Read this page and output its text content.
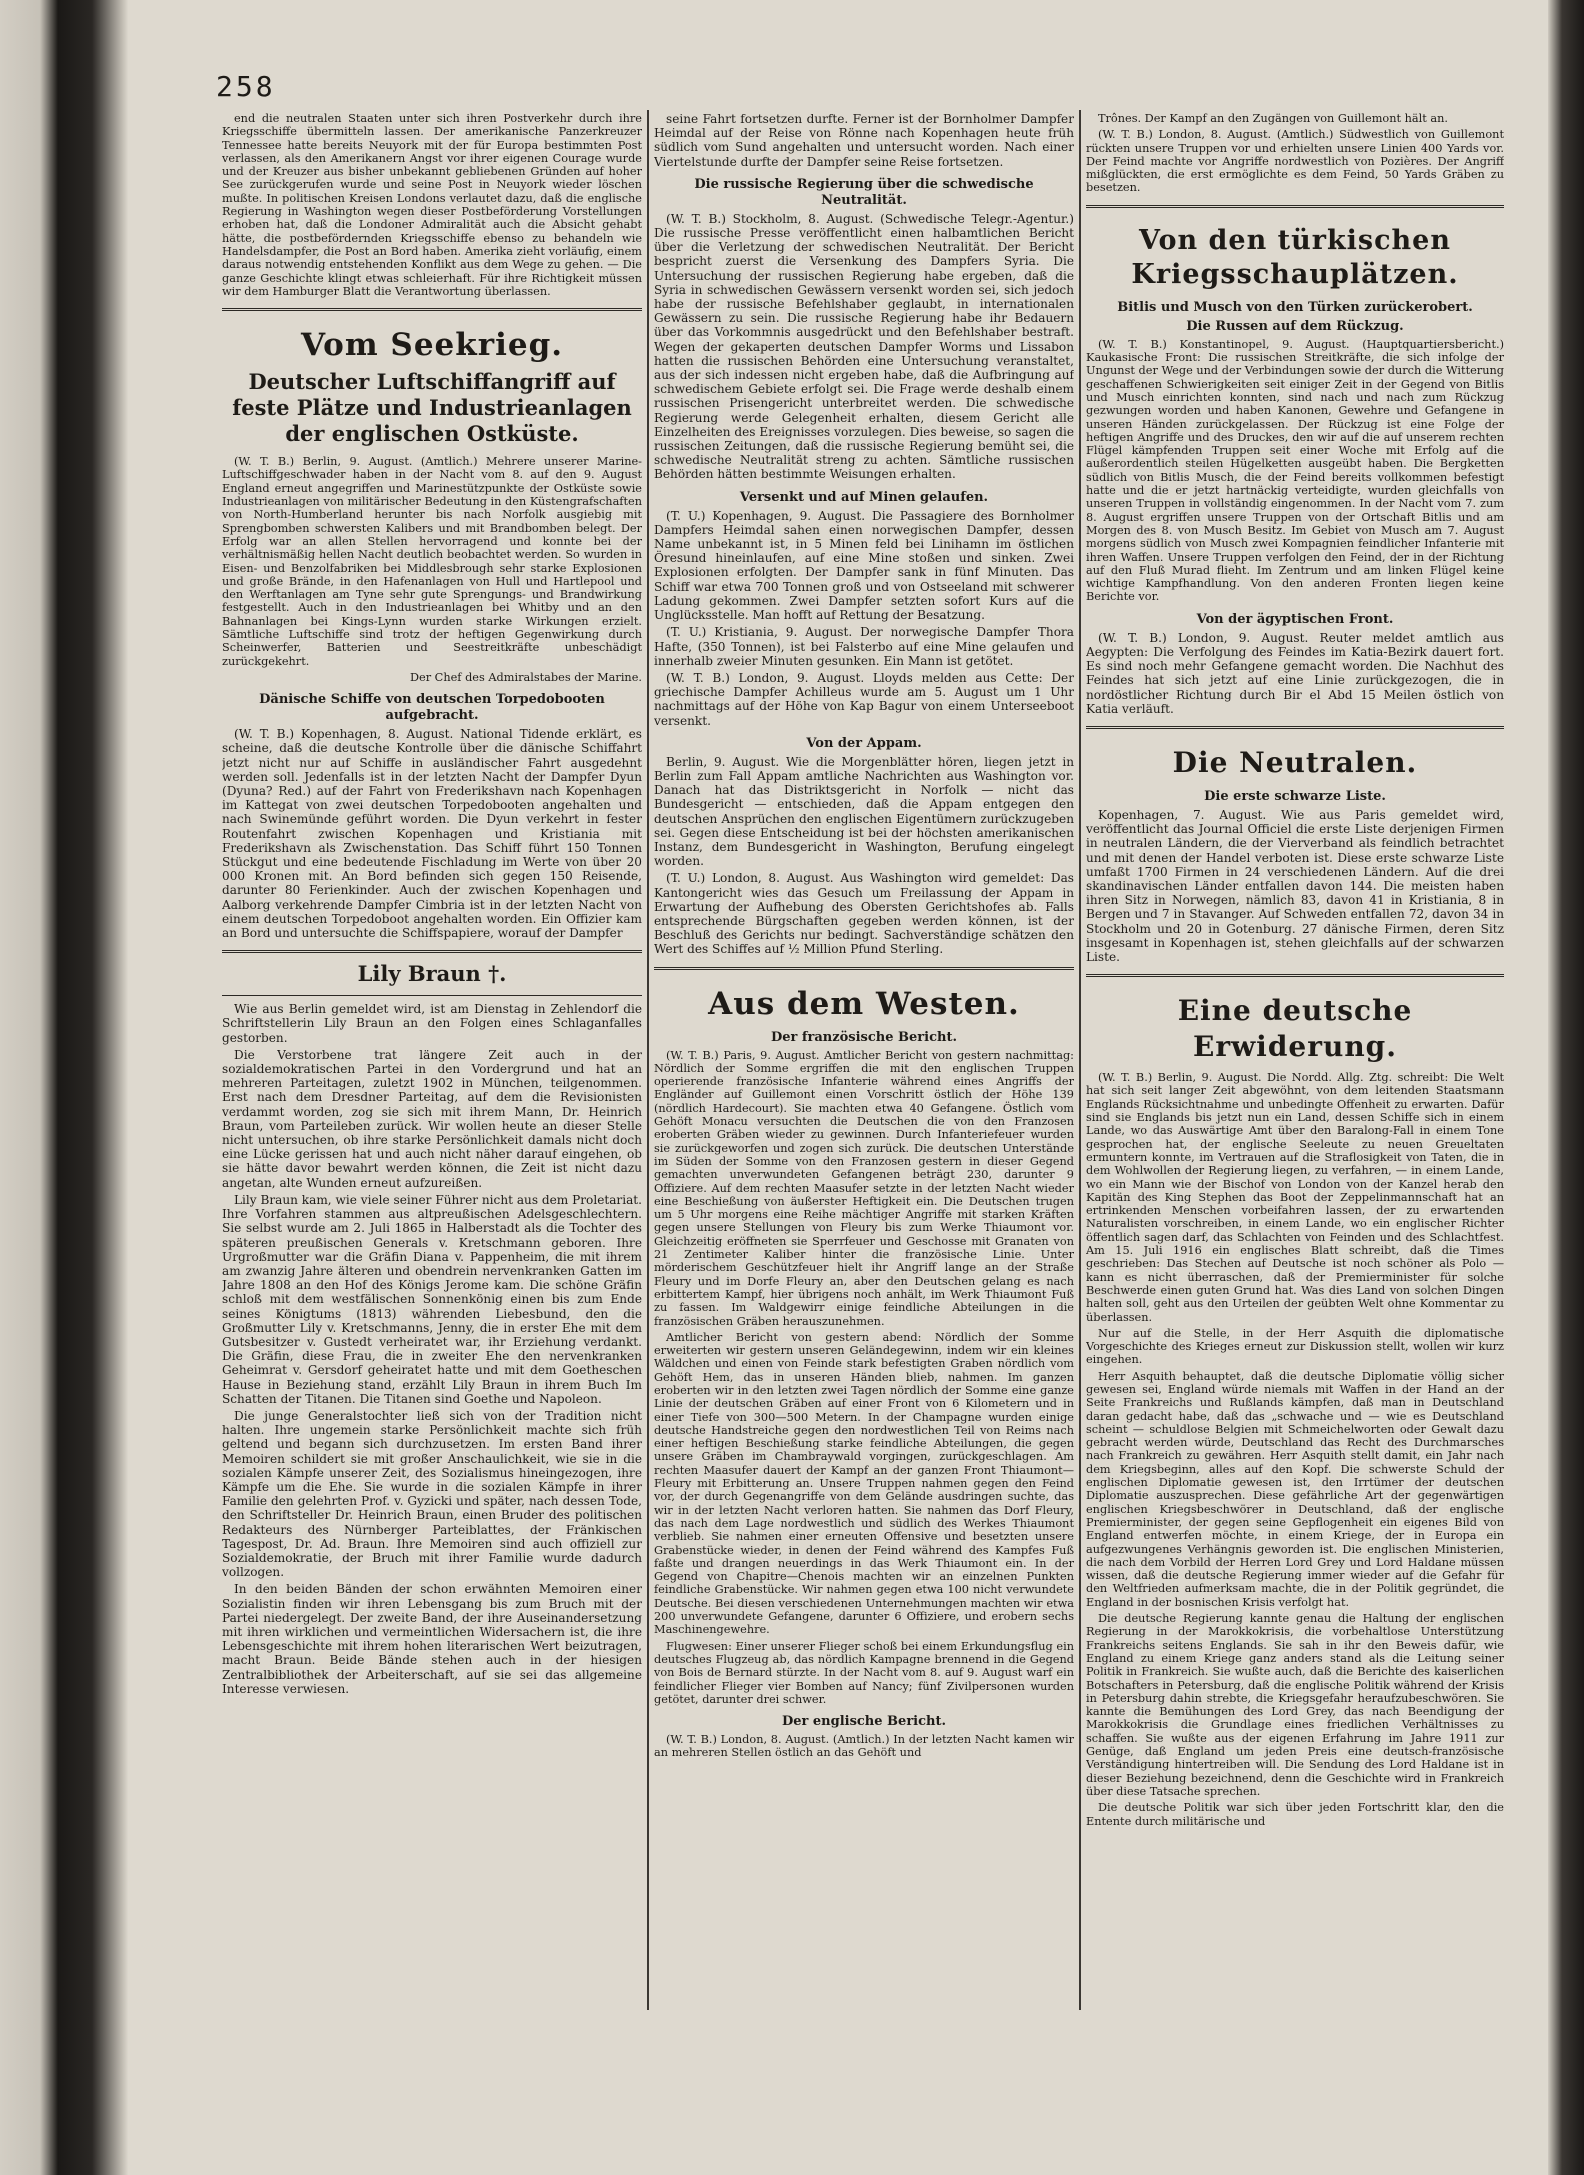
258

end die neutralen Staaten unter sich ihren Postverkehr durch ihre Kriegsschiffe übermitteln lassen. Der amerikanische Panzerkreuzer Tennessee hatte bereits Neuyork mit der für Europa bestimmten Post verlassen, als den Amerikanern Angst vor ihrer eigenen Courage wurde und der Kreuzer aus bisher unbekannt gebliebenen Gründen auf hoher See zurückgerufen wurde und seine Post in Neuyork wieder löschen mußte. In politischen Kreisen Londons verlautet dazu, daß die englische Regierung in Washington wegen dieser Postbeförderung Vorstellungen erhoben hat, daß die Londoner Admiralität auch die Absicht gehabt hätte, die postbefördernden Kriegsschiffe ebenso zu behandeln wie Handelsdampfer, die Post an Bord haben. Amerika zieht vorläufig, einem daraus notwendig entstehenden Konflikt aus dem Wege zu gehen. — Die ganze Geschichte klingt etwas schleierhaft. Für ihre Richtigkeit müssen wir dem Hamburger Blatt die Verantwortung überlassen.

Vom Seekrieg.
Deutscher Luftschiffangriff auf feste Plätze und Industrieanlagen der englischen Ostküste.

(W. T. B.) Berlin, 9. August. (Amtlich.) Mehrere unserer Marine-Luftschiffgeschwader haben in der Nacht vom 8. auf den 9. August England erneut angegriffen und Marinestützpunkte der Ostküste sowie Industrieanlagen von militärischer Bedeutung in den Küstengrafschaften von North-Humberland herunter bis nach Norfolk ausgiebig mit Sprengbomben schwersten Kalibers und mit Brandbomben belegt. Der Erfolg war an allen Stellen hervorragend und konnte bei der verhältnismäßig hellen Nacht deutlich beobachtet werden. So wurden in Eisen- und Benzolfabriken bei Middlesbrough sehr starke Explosionen und große Brände, in den Hafenanlagen von Hull und Hartlepool und den Werftanlagen am Tyne sehr gute Sprengungs- und Brandwirkung festgestellt. Auch in den Industrieanlagen bei Whitby und an den Bahnanlagen bei Kings-Lynn wurden starke Wirkungen erzielt. Sämtliche Luftschiffe sind trotz der heftigen Gegenwirkung durch Scheinwerfer, Batterien und Seestreitkräfte unbeschädigt zurückgekehrt.

Der Chef des Admiralstabes der Marine.

Dänische Schiffe von deutschen Torpedobooten aufgebracht.

(W. T. B.) Kopenhagen, 8. August. National Tidende erklärt, es scheine, daß die deutsche Kontrolle über die dänische Schiffahrt jetzt nicht nur auf Schiffe in ausländischer Fahrt ausgedehnt werden soll. Jedenfalls ist in der letzten Nacht der Dampfer Dyun (Dyuna? Red.) auf der Fahrt von Frederikshavn nach Kopenhagen im Kattegat von zwei deutschen Torpedobooten angehalten und nach Swinemünde geführt worden. Die Dyun verkehrt in fester Routenfahrt zwischen Kopenhagen und Kristiania mit Frederikshavn als Zwischenstation. Das Schiff führt 150 Tonnen Stückgut und eine bedeutende Fischladung im Werte von über 20 000 Kronen mit. An Bord befinden sich gegen 150 Reisende, darunter 80 Ferienkinder. Auch der zwischen Kopenhagen und Aalborg verkehrende Dampfer Cimbria ist in der letzten Nacht von einem deutschen Torpedoboot angehalten worden. Ein Offizier kam an Bord und untersuchte die Schiffspapiere, worauf der Dampfer

Lily Braun †.

Wie aus Berlin gemeldet wird, ist am Dienstag in Zehlendorf die Schriftstellerin Lily Braun an den Folgen eines Schlaganfalles gestorben.

Die Verstorbene trat längere Zeit auch in der sozialdemokratischen Partei in den Vordergrund und hat an mehreren Parteitagen, zuletzt 1902 in München, teilgenommen. Erst nach dem Dresdner Parteitag, auf dem die Revisionisten verdammt worden, zog sie sich mit ihrem Mann, Dr. Heinrich Braun, vom Parteileben zurück. Wir wollen heute an dieser Stelle nicht untersuchen, ob ihre starke Persönlichkeit damals nicht doch eine Lücke gerissen hat und auch nicht näher darauf eingehen, ob sie hätte davor bewahrt werden können, die Zeit ist nicht dazu angetan, alte Wunden erneut aufzureißen.

Lily Braun kam, wie viele seiner Führer nicht aus dem Proletariat. Ihre Vorfahren stammen aus altpreußischen Adelsgeschlechtern. Sie selbst wurde am 2. Juli 1865 in Halberstadt als die Tochter des späteren preußischen Generals v. Kretschmann geboren. Ihre Urgroßmutter war die Gräfin Diana v. Pappenheim, die mit ihrem am zwanzig Jahre älteren und obendrein nervenkranken Gatten im Jahre 1808 an den Hof des Königs Jerome kam. Die schöne Gräfin schloß mit dem westfälischen Sonnenkönig einen bis zum Ende seines Königtums (1813) währenden Liebesbund, den die Großmutter Lily v. Kretschmanns, Jenny, die in erster Ehe mit dem Gutsbesitzer v. Gustedt verheiratet war, ihr Erziehung verdankt. Die Gräfin, diese Frau, die in zweiter Ehe den nervenkranken Geheimrat v. Gersdorf geheiratet hatte und mit dem Goetheschen Hause in Beziehung stand, erzählt Lily Braun in ihrem Buch Im Schatten der Titanen. Die Titanen sind Goethe und Napoleon.

Die junge Generalstochter ließ sich von der Tradition nicht halten. Ihre ungemein starke Persönlichkeit machte sich früh geltend und begann sich durchzusetzen. Im ersten Band ihrer Memoiren schildert sie mit großer Anschaulichkeit, wie sie in die sozialen Kämpfe unserer Zeit, des Sozialismus hineingezogen, ihre Kämpfe um die Ehe. Sie wurde in die sozialen Kämpfe in ihrer Familie den gelehrten Prof. v. Gyzicki und später, nach dessen Tode, den Schriftsteller Dr. Heinrich Braun, einen Bruder des politischen Redakteurs des Nürnberger Parteiblattes, der Fränkischen Tagespost, Dr. Ad. Braun. Ihre Memoiren sind auch offiziell zur Sozialdemokratie, der Bruch mit ihrer Familie wurde dadurch vollzogen.

In den beiden Bänden der schon erwähnten Memoiren einer Sozialistin finden wir ihren Lebensgang bis zum Bruch mit der Partei niedergelegt. Der zweite Band, der ihre Auseinandersetzung mit ihren wirklichen und vermeintlichen Widersachern ist, die ihre Lebensgeschichte mit ihrem hohen literarischen Wert beizutragen, macht Braun. Beide Bände stehen auch in der hiesigen Zentralbibliothek der Arbeiterschaft, auf sie sei das allgemeine Interesse verwiesen.

seine Fahrt fortsetzen durfte. Ferner ist der Bornholmer Dampfer Heimdal auf der Reise von Rönne nach Kopenhagen heute früh südlich vom Sund angehalten und untersucht worden. Nach einer Viertelstunde durfte der Dampfer seine Reise fortsetzen.

Die russische Regierung über die schwedische Neutralität.

(W. T. B.) Stockholm, 8. August. (Schwedische Telegr.-Agentur.) Die russische Presse veröffentlicht einen halbamtlichen Bericht über die Verletzung der schwedischen Neutralität. Der Bericht bespricht zuerst die Versenkung des Dampfers Syria. Die Untersuchung der russischen Regierung habe ergeben, daß die Syria in schwedischen Gewässern versenkt worden sei, sich jedoch habe der russische Befehlshaber geglaubt, in internationalen Gewässern zu sein. Die russische Regierung habe ihr Bedauern über das Vorkommnis ausgedrückt und den Befehlshaber bestraft. Wegen der gekaperten deutschen Dampfer Worms und Lissabon hatten die russischen Behörden eine Untersuchung veranstaltet, aus der sich indessen nicht ergeben habe, daß die Aufbringung auf schwedischem Gebiete erfolgt sei. Die Frage werde deshalb einem russischen Prisengericht unterbreitet werden. Die schwedische Regierung werde Gelegenheit erhalten, diesem Gericht alle Einzelheiten des Ereignisses vorzulegen. Dies beweise, so sagen die russischen Zeitungen, daß die russische Regierung bemüht sei, die schwedische Neutralität streng zu achten. Sämtliche russischen Behörden hätten bestimmte Weisungen erhalten.

Versenkt und auf Minen gelaufen.

(T. U.) Kopenhagen, 9. August. Die Passagiere des Bornholmer Dampfers Heimdal sahen einen norwegischen Dampfer, dessen Name unbekannt ist, in 5 Minen feld bei Linihamn im östlichen Öresund hineinlaufen, auf eine Mine stoßen und sinken. Zwei Explosionen erfolgten. Der Dampfer sank in fünf Minuten. Das Schiff war etwa 700 Tonnen groß und von Ostseeland mit schwerer Ladung gekommen. Zwei Dampfer setzten sofort Kurs auf die Unglücksstelle. Man hofft auf Rettung der Besatzung.

(T. U.) Kristiania, 9. August. Der norwegische Dampfer Thora Hafte, (350 Tonnen), ist bei Falsterbo auf eine Mine gelaufen und innerhalb zweier Minuten gesunken. Ein Mann ist getötet.

(W. T. B.) London, 9. August. Lloyds melden aus Cette: Der griechische Dampfer Achilleus wurde am 5. August um 1 Uhr nachmittags auf der Höhe von Kap Bagur von einem Unterseeboot versenkt.

Von der Appam.

Berlin, 9. August. Wie die Morgenblätter hören, liegen jetzt in Berlin zum Fall Appam amtliche Nachrichten aus Washington vor. Danach hat das Distriktsgericht in Norfolk — nicht das Bundesgericht — entschieden, daß die Appam entgegen den deutschen Ansprüchen den englischen Eigentümern zurückzugeben sei. Gegen diese Entscheidung ist bei der höchsten amerikanischen Instanz, dem Bundesgericht in Washington, Berufung eingelegt worden.

(T. U.) London, 8. August. Aus Washington wird gemeldet: Das Kantongericht wies das Gesuch um Freilassung der Appam in Erwartung der Aufhebung des Obersten Gerichtshofes ab. Falls entsprechende Bürgschaften gegeben werden können, ist der Beschluß des Gerichts nur bedingt. Sachverständige schätzen den Wert des Schiffes auf ½ Million Pfund Sterling.

Aus dem Westen.
Der französische Bericht.

(W. T. B.) Paris, 9. August. Amtlicher Bericht von gestern nachmittag: Nördlich der Somme ergriffen die mit den englischen Truppen operierende französische Infanterie während eines Angriffs der Engländer auf Guillemont einen Vorschritt östlich der Höhe 139 (nördlich Hardecourt). Sie machten etwa 40 Gefangene. Östlich vom Gehöft Monacu versuchten die Deutschen die von den Franzosen eroberten Gräben wieder zu gewinnen. Durch Infanteriefeuer wurden sie zurückgeworfen und zogen sich zurück. Die deutschen Unterstände im Süden der Somme von den Franzosen gestern in dieser Gegend gemachten unverwundeten Gefangenen beträgt 230, darunter 9 Offiziere. Auf dem rechten Maasufer setzte in der letzten Nacht wieder eine Beschießung von äußerster Heftigkeit ein. Die Deutschen trugen um 5 Uhr morgens eine Reihe mächtiger Angriffe mit starken Kräften gegen unsere Stellungen von Fleury bis zum Werke Thiaumont vor. Gleichzeitig eröffneten sie Sperrfeuer und Geschosse mit Granaten von 21 Zentimeter Kaliber hinter die französische Linie. Unter mörderischem Geschützfeuer hielt ihr Angriff lange an der Straße Fleury und im Dorfe Fleury an, aber den Deutschen gelang es nach erbittertem Kampf, hier übrigens noch anhält, im Werk Thiaumont Fuß zu fassen. Im Waldgewirr einige feindliche Abteilungen in die französischen Gräben herauszunehmen.

Amtlicher Bericht von gestern abend: Nördlich der Somme erweiterten wir gestern unseren Geländegewinn, indem wir ein kleines Wäldchen und einen von Feinde stark befestigten Graben nördlich vom Gehöft Hem, das in unseren Händen blieb, nahmen. Im ganzen eroberten wir in den letzten zwei Tagen nördlich der Somme eine ganze Linie der deutschen Gräben auf einer Front von 6 Kilometern und in einer Tiefe von 300—500 Metern. In der Champagne wurden einige deutsche Handstreiche gegen den nordwestlichen Teil von Reims nach einer heftigen Beschießung starke feindliche Abteilungen, die gegen unsere Gräben im Chambraywald vorgingen, zurückgeschlagen. Am rechten Maasufer dauert der Kampf an der ganzen Front Thiaumont—Fleury mit Erbitterung an. Unsere Truppen nahmen gegen den Feind vor, der durch Gegenangriffe von dem Gelände ausdringen suchte, das wir in der letzten Nacht verloren hatten. Sie nahmen das Dorf Fleury, das nach dem Lage nordwestlich und südlich des Werkes Thiaumont verblieb. Sie nahmen einer erneuten Offensive und besetzten unsere Grabenstücke wieder, in denen der Feind während des Kampfes Fuß faßte und drangen neuerdings in das Werk Thiaumont ein. In der Gegend von Chapitre—Chenois machten wir an einzelnen Punkten feindliche Grabenstücke. Wir nahmen gegen etwa 100 nicht verwundete Deutsche. Bei diesen verschiedenen Unternehmungen machten wir etwa 200 unverwundete Gefangene, darunter 6 Offiziere, und erobern sechs Maschinengewehre.

Flugwesen: Einer unserer Flieger schoß bei einem Erkundungsflug ein deutsches Flugzeug ab, das nördlich Kampagne brennend in die Gegend von Bois de Bernard stürzte. In der Nacht vom 8. auf 9. August warf ein feindlicher Flieger vier Bomben auf Nancy; fünf Zivilpersonen wurden getötet, darunter drei schwer.

Der englische Bericht.

(W. T. B.) London, 8. August. (Amtlich.) In der letzten Nacht kamen wir an mehreren Stellen östlich an das Gehöft und

Trônes. Der Kampf an den Zugängen von Guillemont hält an.

(W. T. B.) London, 8. August. (Amtlich.) Südwestlich von Guillemont rückten unsere Truppen vor und erhielten unsere Linien 400 Yards vor. Der Feind machte vor Angriffe nordwestlich von Pozières. Der Angriff mißglückten, die erst ermöglichte es dem Feind, 50 Yards Gräben zu besetzen.

Von den türkischen Kriegsschauplätzen.
Bitlis und Musch von den Türken zurückerobert.
Die Russen auf dem Rückzug.

(W. T. B.) Konstantinopel, 9. August. (Hauptquartiersbericht.) Kaukasische Front: Die russischen Streitkräfte, die sich infolge der Ungunst der Wege und der Verbindungen sowie der durch die Witterung geschaffenen Schwierigkeiten seit einiger Zeit in der Gegend von Bitlis und Musch einrichten konnten, sind nach und nach zum Rückzug gezwungen worden und haben Kanonen, Gewehre und Gefangene in unseren Händen zurückgelassen. Der Rückzug ist eine Folge der heftigen Angriffe und des Druckes, den wir auf die auf unserem rechten Flügel kämpfenden Truppen seit einer Woche mit Erfolg auf die außerordentlich steilen Hügelketten ausgeübt haben. Die Bergketten südlich von Bitlis Musch, die der Feind bereits vollkommen befestigt hatte und die er jetzt hartnäckig verteidigte, wurden gleichfalls von unseren Truppen in vollständig eingenommen. In der Nacht vom 7. zum 8. August ergriffen unsere Truppen von der Ortschaft Bitlis und am Morgen des 8. von Musch Besitz. Im Gebiet von Musch am 7. August morgens südlich von Musch zwei Kompagnien feindlicher Infanterie mit ihren Waffen. Unsere Truppen verfolgen den Feind, der in der Richtung auf den Fluß Murad flieht. Im Zentrum und am linken Flügel keine wichtige Kampfhandlung. Von den anderen Fronten liegen keine Berichte vor.

Von der ägyptischen Front.

(W. T. B.) London, 9. August. Reuter meldet amtlich aus Aegypten: Die Verfolgung des Feindes im Katia-Bezirk dauert fort. Es sind noch mehr Gefangene gemacht worden. Die Nachhut des Feindes hat sich jetzt auf eine Linie zurückgezogen, die in nordöstlicher Richtung durch Bir el Abd 15 Meilen östlich von Katia verläuft.

Die Neutralen.
Die erste schwarze Liste.

Kopenhagen, 7. August. Wie aus Paris gemeldet wird, veröffentlicht das Journal Officiel die erste Liste derjenigen Firmen in neutralen Ländern, die der Vierverband als feindlich betrachtet und mit denen der Handel verboten ist. Diese erste schwarze Liste umfaßt 1700 Firmen in 24 verschiedenen Ländern. Auf die drei skandinavischen Länder entfallen davon 144. Die meisten haben ihren Sitz in Norwegen, nämlich 83, davon 41 in Kristiania, 8 in Bergen und 7 in Stavanger. Auf Schweden entfallen 72, davon 34 in Stockholm und 20 in Gotenburg. 27 dänische Firmen, deren Sitz insgesamt in Kopenhagen ist, stehen gleichfalls auf der schwarzen Liste.

Eine deutsche Erwiderung.

(W. T. B.) Berlin, 9. August. Die Nordd. Allg. Ztg. schreibt: Die Welt hat sich seit langer Zeit abgewöhnt, von dem leitenden Staatsmann Englands Rücksichtnahme und unbedingte Offenheit zu erwarten. Dafür sind sie Englands bis jetzt nun ein Land, dessen Schiffe sich in einem Lande, wo das Auswärtige Amt über den Baralong-Fall in einem Tone gesprochen hat, der englische Seeleute zu neuen Greueltaten ermuntern konnte, im Vertrauen auf die Straflosigkeit von Taten, die in dem Wohlwollen der Regierung liegen, zu verfahren, — in einem Lande, wo ein Mann wie der Bischof von London von der Kanzel herab den Kapitän des King Stephen das Boot der Zeppelinmannschaft hat an ertrinkenden Menschen vorbeifahren lassen, der zu erwartenden Naturalisten vorschreiben, in einem Lande, wo ein englischer Richter öffentlich sagen darf, das Schlachten von Feinden und des Schlachtfest. Am 15. Juli 1916 ein englisches Blatt schreibt, daß die Times geschrieben: Das Stechen auf Deutsche ist noch schöner als Polo — kann es nicht überraschen, daß der Premierminister für solche Beschwerde einen guten Grund hat. Was dies Land von solchen Dingen halten soll, geht aus den Urteilen der geübten Welt ohne Kommentar zu überlassen.

Nur auf die Stelle, in der Herr Asquith die diplomatische Vorgeschichte des Krieges erneut zur Diskussion stellt, wollen wir kurz eingehen.

Herr Asquith behauptet, daß die deutsche Diplomatie völlig sicher gewesen sei, England würde niemals mit Waffen in der Hand an der Seite Frankreichs und Rußlands kämpfen, daß man in Deutschland daran gedacht habe, daß das „schwache und — wie es Deutschland scheint — schuldlose Belgien mit Schmeichelworten oder Gewalt dazu gebracht werden würde, Deutschland das Recht des Durchmarsches nach Frankreich zu gewähren. Herr Asquith stellt damit, ein Jahr nach dem Kriegsbeginn, alles auf den Kopf. Die schwerste Schuld der englischen Diplomatie gewesen ist, den Irrtümer der deutschen Diplomatie auszusprechen. Diese gefährliche Art der gegenwärtigen englischen Kriegsbeschwörer in Deutschland, daß der englische Premierminister, der gegen seine Gepflogenheit ein eigenes Bild von England entwerfen möchte, in einem Kriege, der in Europa ein aufgezwungenes Verhängnis geworden ist. Die englischen Ministerien, die nach dem Vorbild der Herren Lord Grey und Lord Haldane müssen wissen, daß die deutsche Regierung immer wieder auf die Gefahr für den Weltfrieden aufmerksam machte, die in der Politik gegründet, die England in der bosnischen Krisis verfolgt hat.

Die deutsche Regierung kannte genau die Haltung der englischen Regierung in der Marokkokrisis, die vorbehaltlose Unterstützung Frankreichs seitens Englands. Sie sah in ihr den Beweis dafür, wie England zu einem Kriege ganz anders stand als die Leitung seiner Politik in Frankreich. Sie wußte auch, daß die Berichte des kaiserlichen Botschafters in Petersburg, daß die englische Politik während der Krisis in Petersburg dahin strebte, die Kriegsgefahr heraufzubeschwören. Sie kannte die Bemühungen des Lord Grey, das nach Beendigung der Marokkokrisis die Grundlage eines friedlichen Verhältnisses zu schaffen. Sie wußte aus der eigenen Erfahrung im Jahre 1911 zur Genüge, daß England um jeden Preis eine deutsch-französische Verständigung hintertreiben will. Die Sendung des Lord Haldane ist in dieser Beziehung bezeichnend, denn die Geschichte wird in Frankreich über diese Tatsache sprechen.

Die deutsche Politik war sich über jeden Fortschritt klar, den die Entente durch militärische und
